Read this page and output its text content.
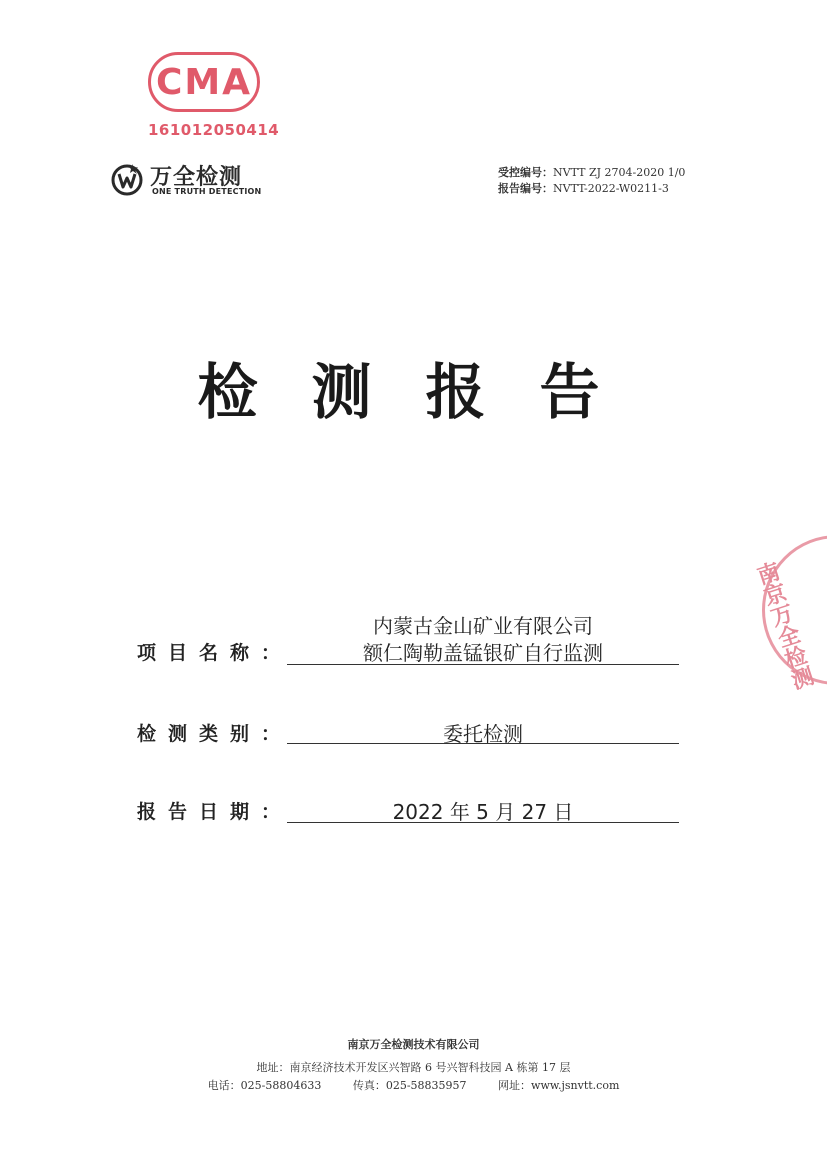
CMA
161012050414
万全检测
ONE TRUTH DETECTION
受控编号：NVTT ZJ 2704-2020 1/0
报告编号：NVTT-2022-W0211-3
检测报告
项目名称：
内蒙古金山矿业有限公司
额仁陶勒盖锰银矿自行监测
检测类别：	委托检测
报告日期：	2022 年 5 月 27 日
南京万全检测
南京万全检测技术有限公司
地址：南京经济技术开发区兴智路 6 号兴智科技园 A 栋第 17 层
电话：025-58804633	传真：025-58835957	网址：www.jsnvtt.com
